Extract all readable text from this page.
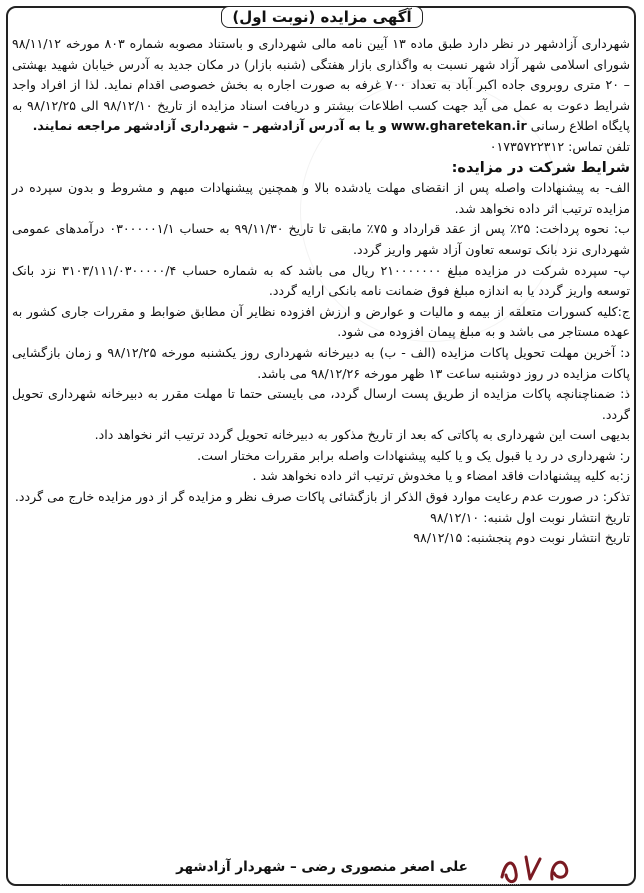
آگهی مزایده (نوبت اول)

شهرداری آزادشهر در نظر دارد طبق ماده ۱۳ آیین نامه مالی شهرداری و باستناد مصوبه شماره ۸۰۳ مورخه ۹۸/۱۱/۱۲ شورای اسلامی شهر آزاد شهر نسبت به واگذاری بازار هفتگی (شنبه بازار) در مکان جدید به آدرس خیابان شهید بهشتی – ۲۰ متری روبروی جاده اکبر آباد به تعداد ۷۰۰ غرفه به صورت اجاره به بخش خصوصی اقدام نماید. لذا از افراد واجد شرایط دعوت به عمل می آید جهت کسب اطلاعات بیشتر و دریافت اسناد مزایده از تاریخ ۹۸/۱۲/۱۰ الی ۹۸/۱۲/۲۵ به پایگاه اطلاع رسانی www.gharetekan.ir و یا به آدرس آزادشهر – شهرداری آزادشهر مراجعه نمایند.

تلفن تماس: ۰۱۷۳۵۷۲۲۳۱۲

شرایط شرکت در مزایده:

الف- به پیشنهادات واصله پس از انقضای مهلت یادشده بالا و همچنین پیشنهادات مبهم و مشروط و بدون سپرده در مزایده ترتیب اثر داده نخواهد شد.

ب: نحوه پرداخت: ۲۵٪ پس از عقد قرارداد و ۷۵٪ مابقی تا تاریخ ۹۹/۱۱/۳۰ به حساب ۰۳۰۰۰۰۰۱/۱ درآمدهای عمومی شهرداری نزد بانک توسعه تعاون آزاد شهر واریز گردد.

پ- سپرده شرکت در مزایده مبلغ ۲۱۰۰۰۰۰۰۰ ریال می باشد که به شماره حساب ۳۱۰۳/۱۱۱/۰۳۰۰۰۰۰/۴ نزد بانک توسعه واریز گردد یا به اندازه مبلغ فوق ضمانت نامه بانکی ارایه گردد.

ج:کلیه کسورات متعلقه از بیمه و مالیات و عوارض و ارزش افزوده نظایر آن مطابق ضوابط و مقررات جاری کشور به عهده مستاجر می باشد و به مبلغ پیمان افزوده می شود.

د: آخرین مهلت تحویل پاکات مزایده (الف - ب) به دبیرخانه شهرداری روز یکشنبه مورخه ۹۸/۱۲/۲۵ و زمان بازگشایی پاکات مزایده در روز دوشنبه ساعت ۱۳ ظهر مورخه ۹۸/۱۲/۲۶ می باشد.

ذ: ضمناچنانچه پاکات مزایده از طریق پست ارسال گردد، می بایستی حتما تا مهلت مقرر به دبیرخانه شهرداری تحویل گردد.

بدیهی است این شهرداری به پاکاتی که بعد از تاریخ مذکور به دبیرخانه تحویل گردد ترتیب اثر نخواهد داد.

ر: شهرداری در رد یا قبول یک و یا کلیه پیشنهادات واصله برابر مقررات مختار است.

ز:به کلیه پیشنهادات فاقد امضاء و یا مخدوش ترتیب اثر داده نخواهد شد .

تذکر: در صورت عدم رعایت موارد فوق الذکر از بازگشائی پاکات صرف نظر و مزایده گر از دور مزایده خارج می گردد.

تاریخ انتشار نوبت اول شنبه: ۹۸/۱۲/۱۰

تاریخ انتشار نوبت دوم پنجشنبه: ۹۸/۱۲/۱۵

علی اصغر منصوری رضی – شهردار آزادشهر
